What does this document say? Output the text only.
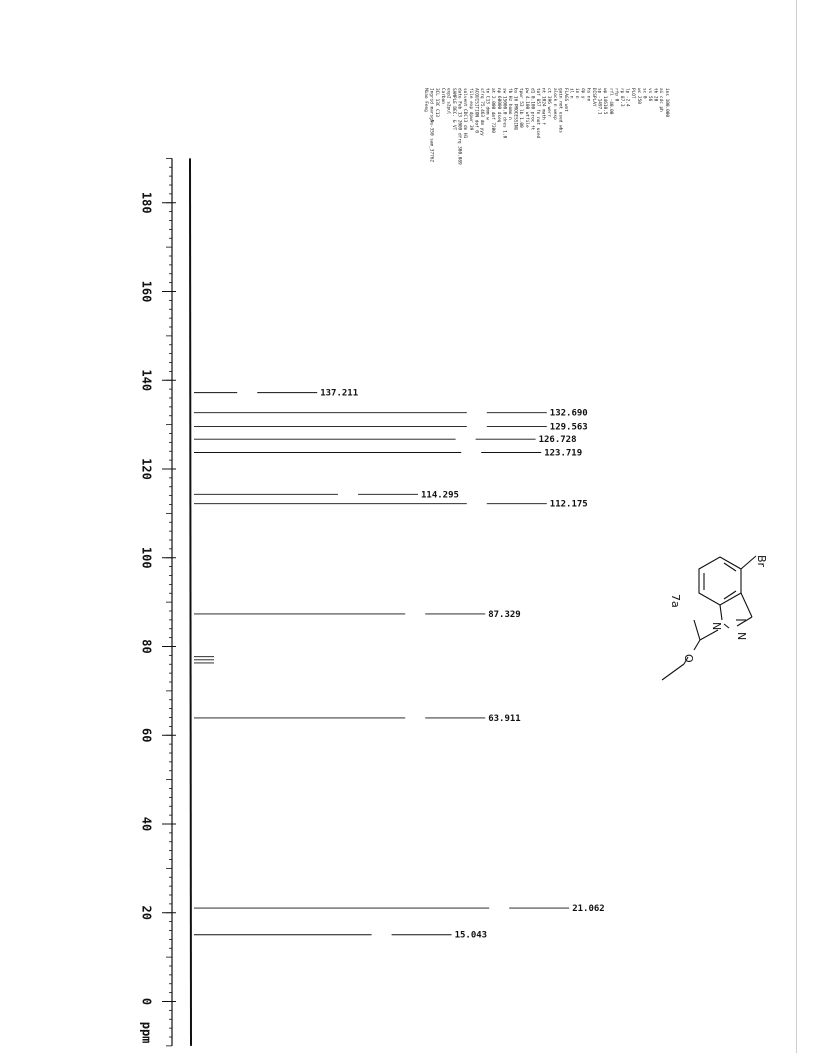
180
160
140
120
100
80
60
40
20
0
ppm
137.211
132.690
129.563
126.728
123.719
114.295
112.175
87.329
63.911
21.062
15.043
Miao Feng Ingrid marsgNu-350 sam_3776Z 3CL 13C C13 Carbon exp2 s2pul SAMPLE DEC. & VT date Feb 13 2009 dfrq 300.089 solvent CDCl3 dn H1 file exp dpwr 39 ACQUISITION dof 0 sfrq 75.463 dm yyy tn C13 dmm w at 2.000 dmf 7200 np 60000 dseq sw 15000.0 dres 1.0 fb Hz homo n bs 16 PROCESSING tpwr 53 lb 1.00 pw 4.100 wtfile d1 0.100 proc ft tof 857 fn not used nt 1024 math f ct 396 werr alock n wexp gain not used wbs FLAGS wnt il n in n dp y hs nn DISPLAY sp -1497.1 wp 14610.5 rfl -40.00 rfp 0 rp 87.3 lp -2.4 PLOT wc 250 sc 0 vs 56 th 20 ai cdc ph ins 100.000
Br
N
N
O
7a
